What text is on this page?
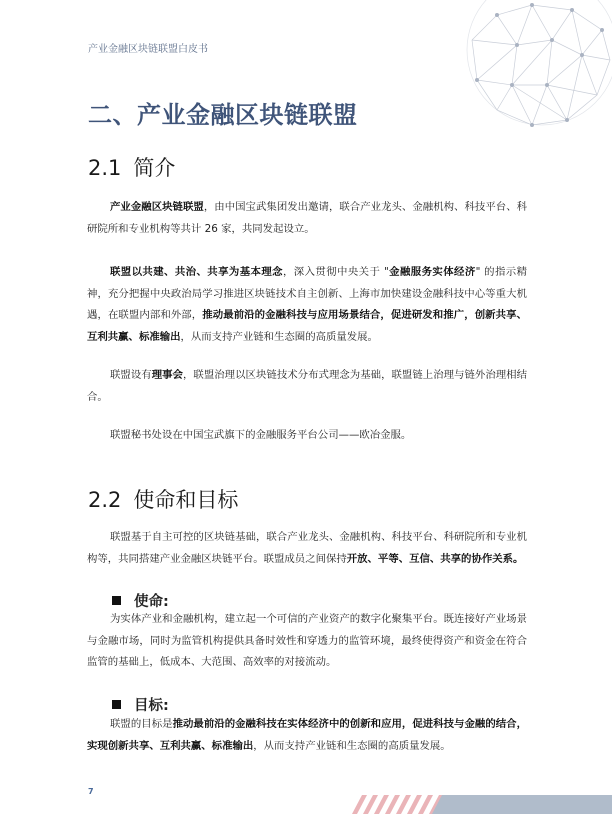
产业金融区块链联盟白皮书
二、产业金融区块链联盟
2.1 简介
产业金融区块链联盟，由中国宝武集团发出邀请，联合产业龙头、金融机构、科技平台、科研院所和专业机构等共计 26 家，共同发起设立。
联盟以共建、共治、共享为基本理念，深入贯彻中央关于 "金融服务实体经济" 的指示精神，充分把握中央政治局学习推进区块链技术自主创新、上海市加快建设金融科技中心等重大机遇，在联盟内部和外部，推动最前沿的金融科技与应用场景结合，促进研发和推广，创新共享、互利共赢、标准输出，从而支持产业链和生态圈的高质量发展。
联盟设有理事会，联盟治理以区块链技术分布式理念为基础，联盟链上治理与链外治理相结合。
联盟秘书处设在中国宝武旗下的金融服务平台公司——欧冶金服。
2.2 使命和目标
联盟基于自主可控的区块链基础，联合产业龙头、金融机构、科技平台、科研院所和专业机构等，共同搭建产业金融区块链平台。联盟成员之间保持开放、平等、互信、共享的协作关系。
使命:
为实体产业和金融机构，建立起一个可信的产业资产的数字化聚集平台。既连接好产业场景与金融市场，同时为监管机构提供具备时效性和穿透力的监管环境，最终使得资产和资金在符合监管的基础上，低成本、大范围、高效率的对接流动。
目标:
联盟的目标是推动最前沿的金融科技在实体经济中的创新和应用，促进科技与金融的结合，实现创新共享、互利共赢、标准输出，从而支持产业链和生态圈的高质量发展。
7
